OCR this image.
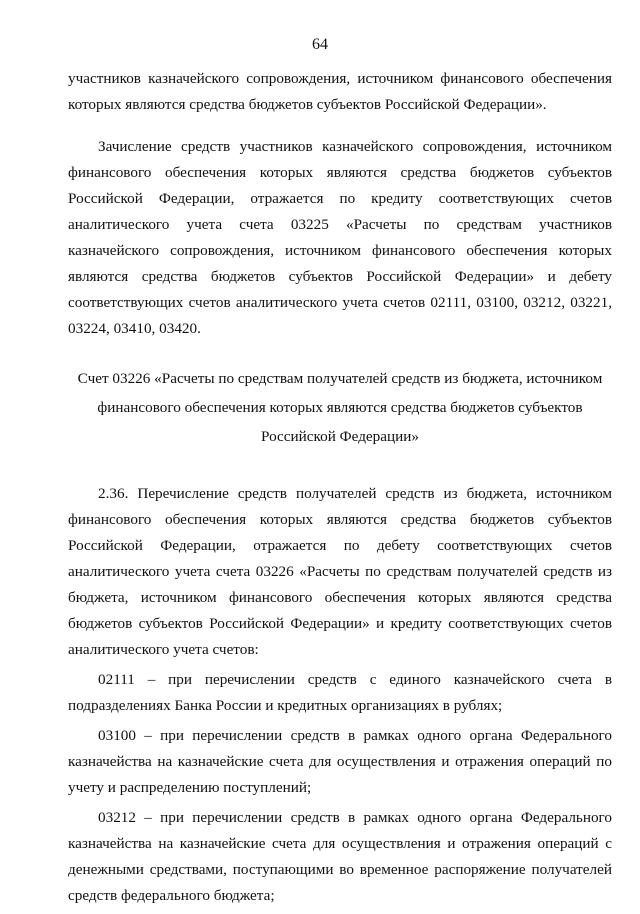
64

участников казначейского сопровождения, источником финансового обеспечения которых являются средства бюджетов субъектов Российской Федерации».

Зачисление средств участников казначейского сопровождения, источником финансового обеспечения которых являются средства бюджетов субъектов Российской Федерации, отражается по кредиту соответствующих счетов аналитического учета счета 03225 «Расчеты по средствам участников казначейского сопровождения, источником финансового обеспечения которых являются средства бюджетов субъектов Российской Федерации» и дебету соответствующих счетов аналитического учета счетов 02111, 03100, 03212, 03221, 03224, 03410, 03420.

Счет 03226 «Расчеты по средствам получателей средств из бюджета, источником
финансового обеспечения которых являются средства бюджетов субъектов
Российской Федерации»

2.36. Перечисление средств получателей средств из бюджета, источником финансового обеспечения которых являются средства бюджетов субъектов Российской Федерации, отражается по дебету соответствующих счетов аналитического учета счета 03226 «Расчеты по средствам получателей средств из бюджета, источником финансового обеспечения которых являются средства бюджетов субъектов Российской Федерации» и кредиту соответствующих счетов аналитического учета счетов:

02111 – при перечислении средств с единого казначейского счета в подразделениях Банка России и кредитных организациях в рублях;

03100 – при перечислении средств в рамках одного органа Федерального казначейства на казначейские счета для осуществления и отражения операций по учету и распределению поступлений;

03212 – при перечислении средств в рамках одного органа Федерального казначейства на казначейские счета для осуществления и отражения операций с денежными средствами, поступающими во временное распоряжение получателей средств федерального бюджета;
